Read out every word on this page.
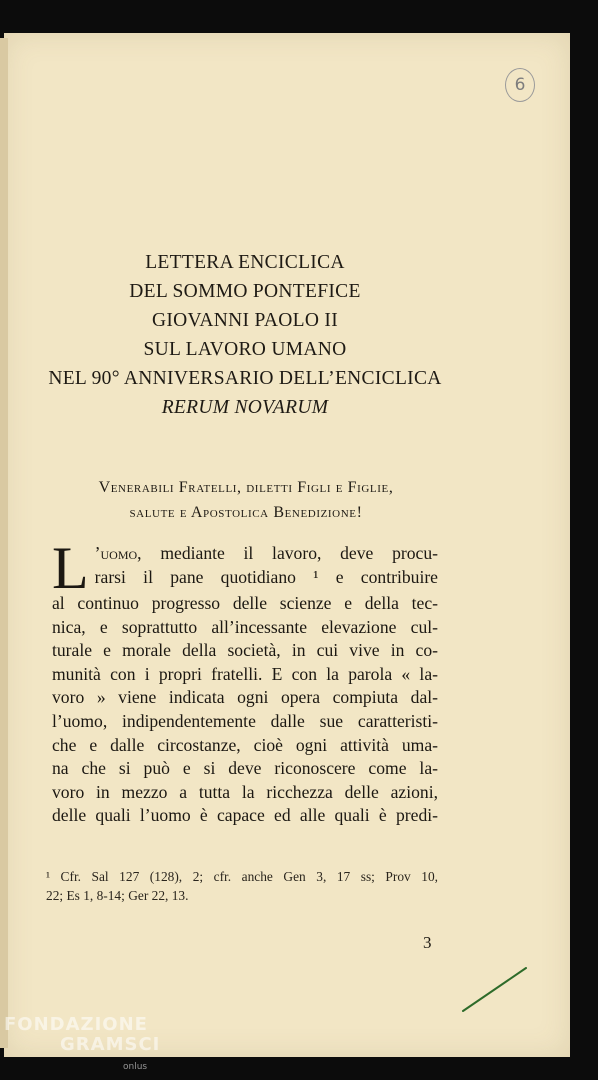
6
LETTERA ENCICLICA
DEL SOMMO PONTEFICE
GIOVANNI PAOLO II
SUL LAVORO UMANO
NEL 90° ANNIVERSARIO DELL’ENCICLICA
RERUM NOVARUM
Venerabili Fratelli, diletti Figli e Figlie,
salute e Apostolica Benedizione!
L ’uomo, mediante il lavoro, deve procu-
rarsi il pane quotidiano ¹ e contribuire
al continuo progresso delle scienze e della tec-
nica, e soprattutto all’incessante elevazione cul-
turale e morale della società, in cui vive in co-
munità con i propri fratelli. E con la parola « la-
voro » viene indicata ogni opera compiuta dal-
l’uomo, indipendentemente dalle sue caratteristi-
che e dalle circostanze, cioè ogni attività uma-
na che si può e si deve riconoscere come la-
voro in mezzo a tutta la ricchezza delle azioni,
delle quali l’uomo è capace ed alle quali è predi-
¹ Cfr. Sal 127 (128), 2; cfr. anche Gen 3, 17 ss; Prov 10,
22; Es 1, 8-14; Ger 22, 13.
3
FONDAZIONE
GRAMSCI
onlus
